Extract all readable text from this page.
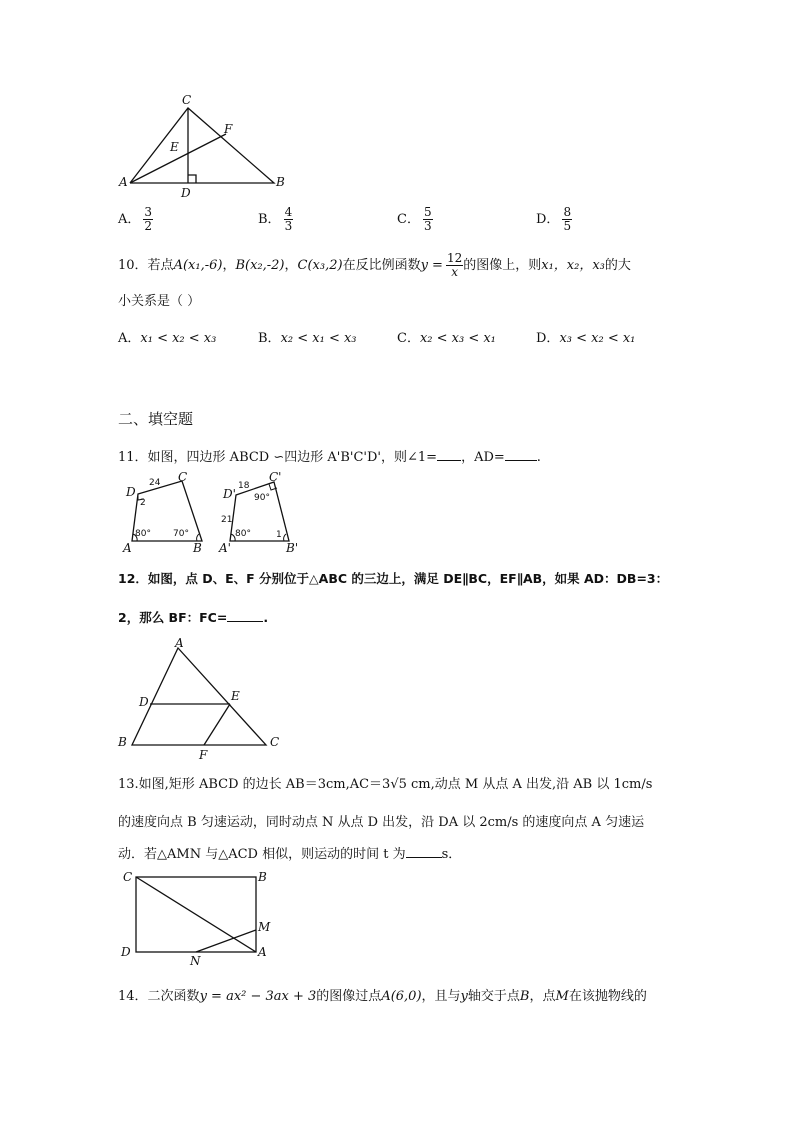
C
F
E
A	B
D
A． $\frac{3}{2}$	B． $\frac{4}{3}$	C． $\frac{5}{3}$	D． $\frac{8}{5}$
10．若点A(x₁,-6)，B(x₂,-2)，C(x₃,2)在反比例函数$y = \frac{12}{x}$ 的图像上，则x₁，x₂，x₃的大
小关系是（ ）
A．x₁ < x₂ < x₃	B．x₂ < x₁ < x₃	C．x₂ < x₃ < x₁	D．x₃ < x₂ < x₁
二、填空题
11．如图，四边形 ABCD ∽四边形 A'B'C'D'，则∠1= ，AD= .
D
C
24
2
80° 70°
A	B
D'
C'
18
90°
21
80°	1
A'	B'
12．如图，点 D、E、F 分别位于△ABC 的三边上，满足 DE∥BC，EF∥AB，如果 AD：DB=3：
2，那么 BF：FC=	.
A
D	E
B	C
F
13.如图,矩形 ABCD 的边长 AB＝3cm,AC＝3√5 cm,动点 M 从点 A 出发,沿 AB 以 1cm/s
的速度向点 B 匀速运动，同时动点 N 从点 D 出发，沿 DA 以 2cm/s 的速度向点 A 匀速运
动．若△AMN 与△ACD 相似，则运动的时间 t 为	s．
C	B
M
D	A
N
14．二次函数y = ax² − 3ax + 3的图像过点A(6,0)，且与y轴交于点B，点M在该抛物线的
